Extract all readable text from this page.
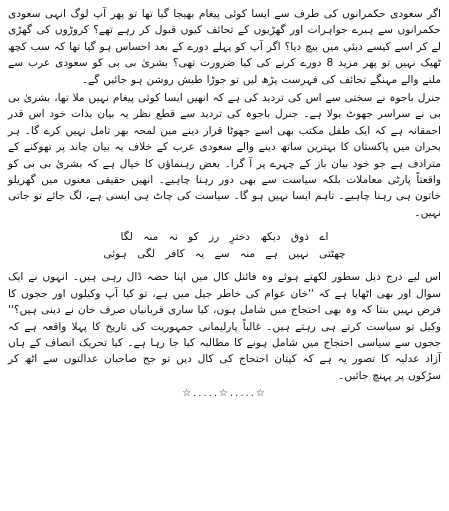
اگر سعودی حکمرانوں کی طرف سے ایسا کوئی پیغام بھیجا گیا تھا تو پھر آپ لوگ انہی سعودی حکمرانوں سے ہیرے جواہرات اور گھڑیوں کے تحائف کیوں قبول کر رہے تھے؟ کروڑوں کی گھڑی لے کر اسے کیسے دبئی میں بیچ دیا؟ اگر آپ کو پہلے دورے کے بعد احساس ہو گیا تھا کہ سب کچھ ٹھیک نہیں تو پھر مزید 8 دورے کرنے کی کیا ضرورت تھی؟ بشریٰ بی بی کو سعودی عرب سے ملنے والے مہنگے تحائف کی فہرست پڑھ لیں تو جوڑا طیش روشن ہو جائیں گے۔

جنرل باجوہ نے سختی سے اس کی تردید کی ہے کہ انھیں ایسا کوئی پیغام نہیں ملا تھا، بشریٰ بی بی نے سراسر جھوٹ بولا ہے۔ جنرل باجوہ کی تردید سے قطع نظر یہ بیان بذات خود اس قدر احمقانہ ہے کہ ایک طفل مکتب بھی اسے جھوٹا قرار دینے میں لمحہ بھر تامل نہیں کرے گا۔ ہر بحران میں پاکستان کا بہترین ساتھ دینے والے سعودی عرب کے خلاف یہ بیان چاند پر تھوکنے کے مترادف ہے جو خود بیان باز کے چہرے پر آ گرا۔ بعض رہنماؤں کا خیال ہے کہ بشریٰ بی بی کو واقعتاً پارٹی معاملات بلکہ سیاست سے بھی دور رہنا چاہیے۔ انھیں حقیقی معنوں میں گھریلو خاتون ہی رہنا چاہیے۔ تاہم ایسا نہیں ہو گا۔ سیاست کی چاٹ ہی ایسی ہے، لگ جائے تو جاتی نہیں۔

اے ذوق دیکھ دخترِ رز کو نہ منہ لگا
چھٹتی نہیں ہے منہ سے یہ کافر لگی ہوئی

اس لیے درج ذیل سطور لکھتے ہوئے وہ فائنل کال میں اپنا حصہ ڈال رہی ہیں۔ انہوں نے ایک سوال اور بھی اٹھایا ہے کہ ''خان عوام کی خاطر جیل میں ہے، تو کیا آپ وکیلوں اور ججوں کا فرض نہیں بنتا کہ وہ بھی احتجاج میں شامل ہوں، کیا ساری قربانیاں صرف خان نے دینی ہیں؟'' وکیل تو سیاست کرتے ہی رہتے ہیں۔ غالباً پارلیمانی جمہوریت کی تاریخ کا پہلا واقعہ ہے کہ ججوں سے سیاسی احتجاج میں شامل ہونے کا مطالبہ کیا جا رہا ہے۔ کیا تحریک انصاف کے ہاں آزاد عدلیہ کا تصور یہ ہے کہ کپتان احتجاج کی کال دیں تو جج صاحبان عدالتوں سے اٹھ کر سڑکوں پر پہنچ جائیں۔

☆.....☆.....☆
